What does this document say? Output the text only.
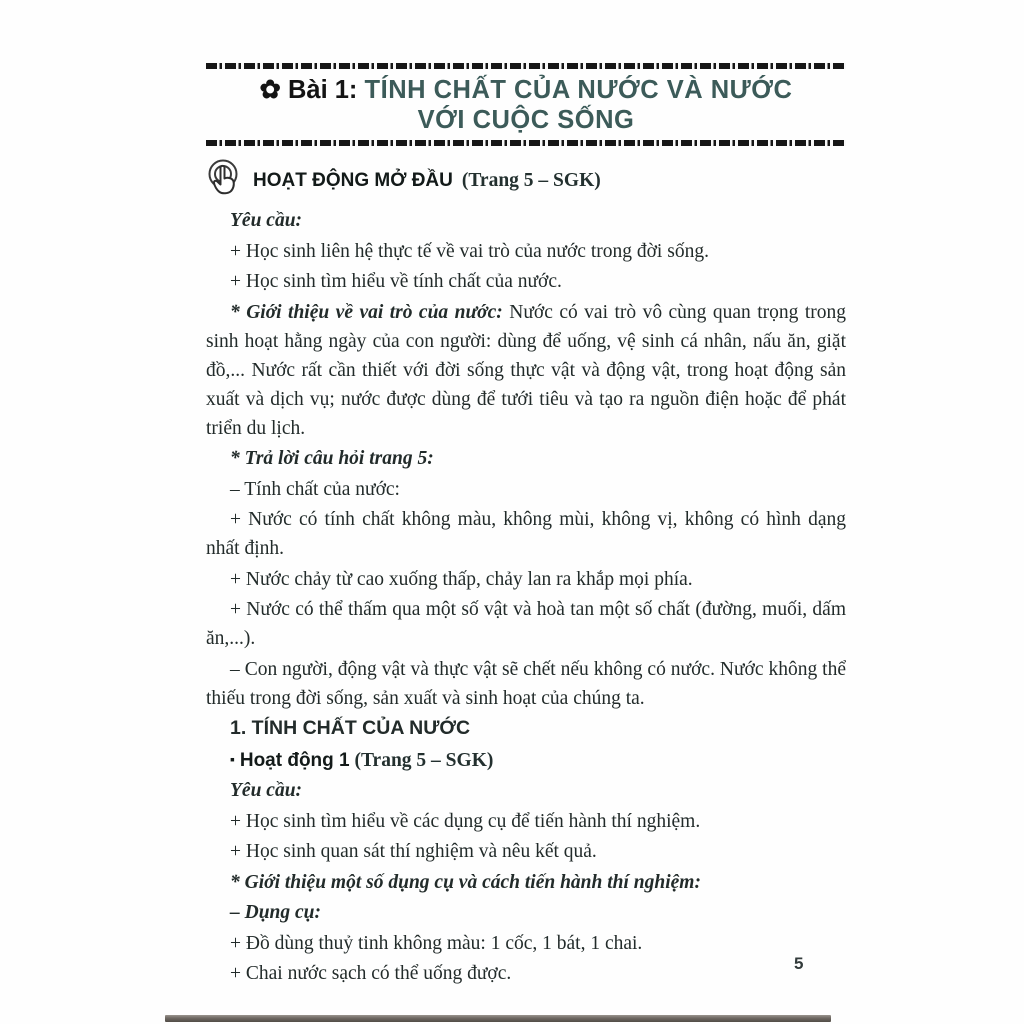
✿ Bài 1: TÍNH CHẤT CỦA NƯỚC VÀ NƯỚC
VỚI CUỘC SỐNG
HOẠT ĐỘNG MỞ ĐẦU (Trang 5 – SGK)

Yêu cầu:

+ Học sinh liên hệ thực tế về vai trò của nước trong đời sống.

+ Học sinh tìm hiểu về tính chất của nước.

* Giới thiệu về vai trò của nước: Nước có vai trò vô cùng quan trọng trong sinh hoạt hằng ngày của con người: dùng để uống, vệ sinh cá nhân, nấu ăn, giặt đồ,... Nước rất cần thiết với đời sống thực vật và động vật, trong hoạt động sản xuất và dịch vụ; nước được dùng để tưới tiêu và tạo ra nguồn điện hoặc để phát triển du lịch.

* Trả lời câu hỏi trang 5:

– Tính chất của nước:

+ Nước có tính chất không màu, không mùi, không vị, không có hình dạng nhất định.

+ Nước chảy từ cao xuống thấp, chảy lan ra khắp mọi phía.

+ Nước có thể thấm qua một số vật và hoà tan một số chất (đường, muối, dấm ăn,...).

– Con người, động vật và thực vật sẽ chết nếu không có nước. Nước không thể thiếu trong đời sống, sản xuất và sinh hoạt của chúng ta.

1. TÍNH CHẤT CỦA NƯỚC

▪ Hoạt động 1 (Trang 5 – SGK)

Yêu cầu:

+ Học sinh tìm hiểu về các dụng cụ để tiến hành thí nghiệm.

+ Học sinh quan sát thí nghiệm và nêu kết quả.

* Giới thiệu một số dụng cụ và cách tiến hành thí nghiệm:

– Dụng cụ:

+ Đồ dùng thuỷ tinh không màu: 1 cốc, 1 bát, 1 chai.

+ Chai nước sạch có thể uống được.	5
